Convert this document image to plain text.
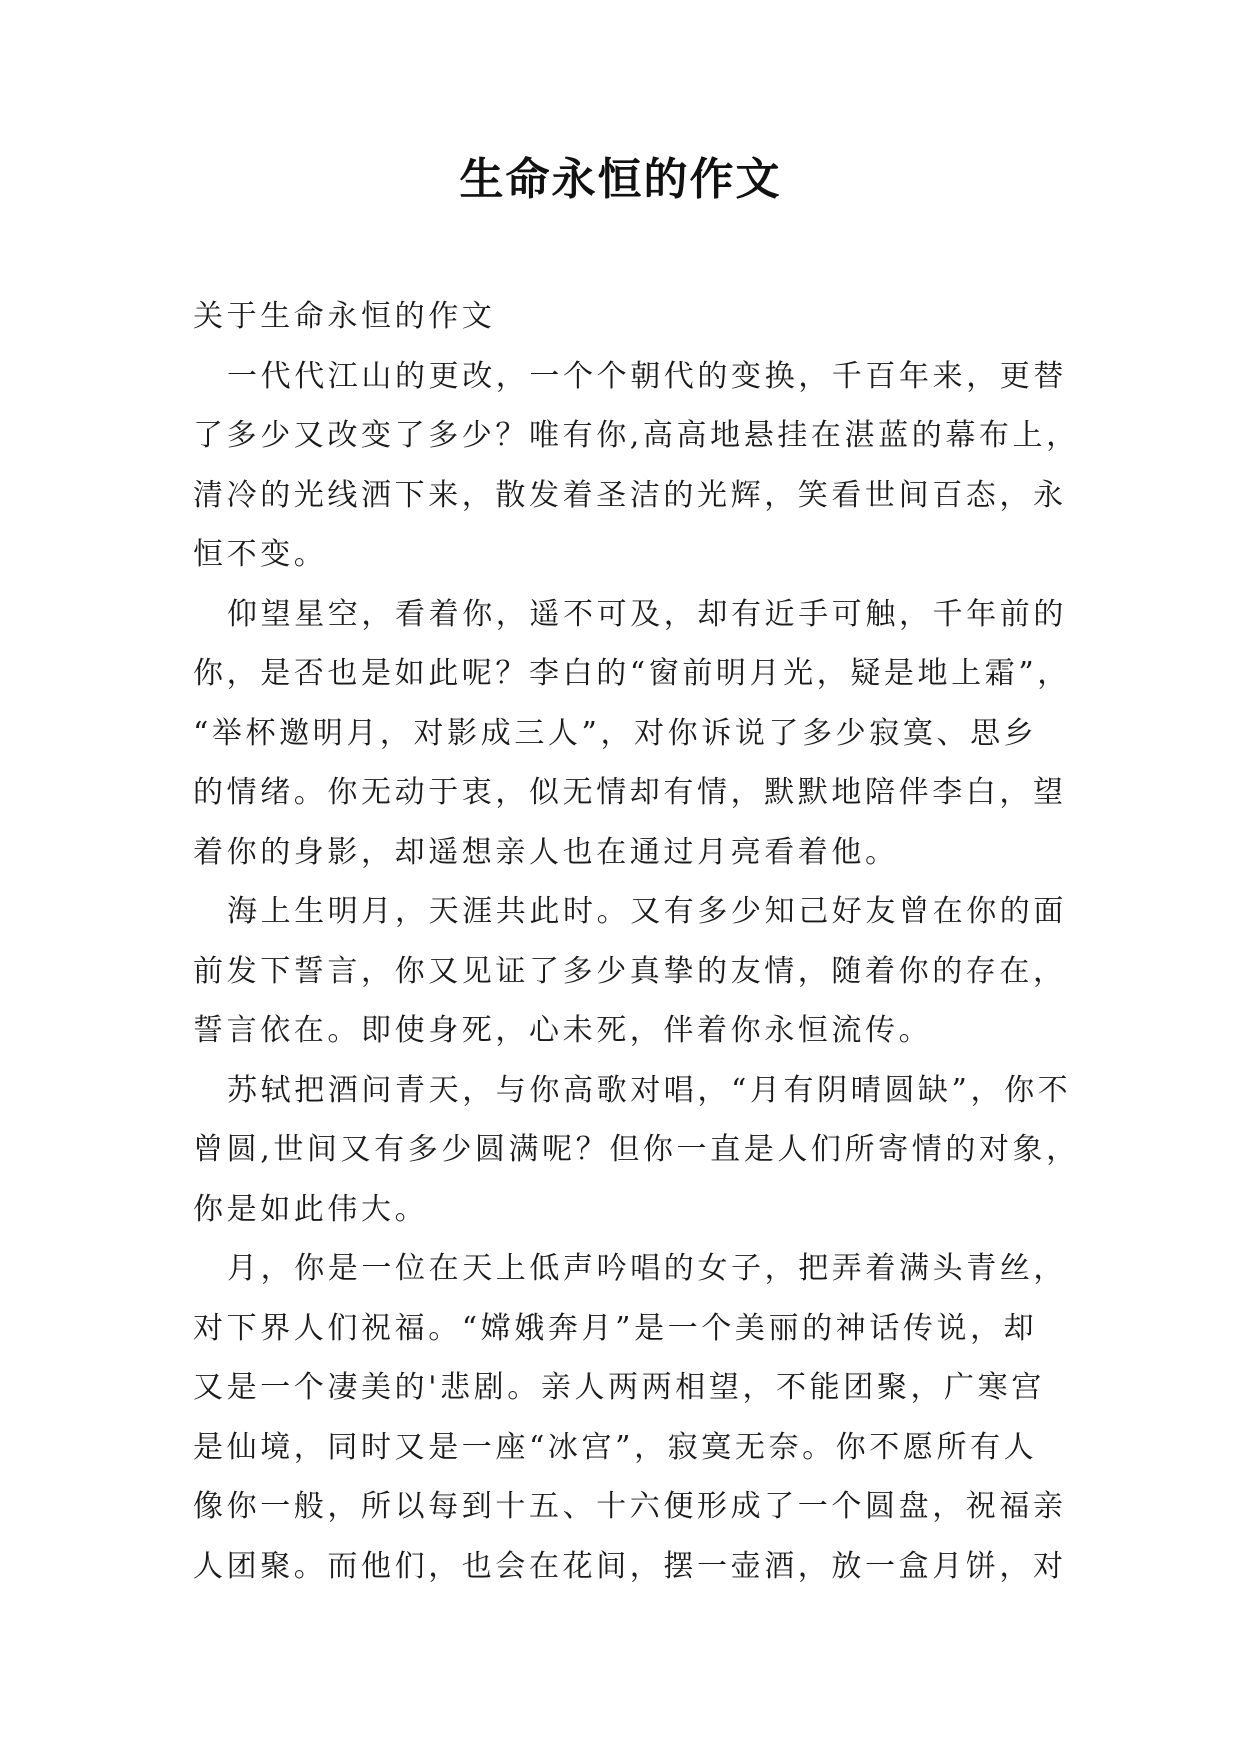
生命永恒的作文
关于生命永恒的作文
一代代江山的更改，一个个朝代的变换，千百年来，更替
了多少又改变了多少？唯有你,高高地悬挂在湛蓝的幕布上，
清冷的光线洒下来，散发着圣洁的光辉，笑看世间百态，永
恒不变。
仰望星空，看着你，遥不可及，却有近手可触，千年前的
你，是否也是如此呢？李白的“窗前明月光，疑是地上霜”，
“举杯邀明月，对影成三人”，对你诉说了多少寂寞、思乡
的情绪。你无动于衷，似无情却有情，默默地陪伴李白，望
着你的身影，却遥想亲人也在通过月亮看着他。
海上生明月，天涯共此时。又有多少知己好友曾在你的面
前发下誓言，你又见证了多少真挚的友情，随着你的存在，
誓言依在。即使身死，心未死，伴着你永恒流传。
苏轼把酒问青天，与你高歌对唱，“月有阴晴圆缺”，你不
曾圆,世间又有多少圆满呢？但你一直是人们所寄情的对象，
你是如此伟大。
月，你是一位在天上低声吟唱的女子，把弄着满头青丝，
对下界人们祝福。“嫦娥奔月”是一个美丽的神话传说，却
又是一个凄美的'悲剧。亲人两两相望，不能团聚，广寒宫
是仙境，同时又是一座“冰宫”，寂寞无奈。你不愿所有人
像你一般，所以每到十五、十六便形成了一个圆盘，祝福亲
人团聚。而他们，也会在花间，摆一壶酒，放一盒月饼，对
